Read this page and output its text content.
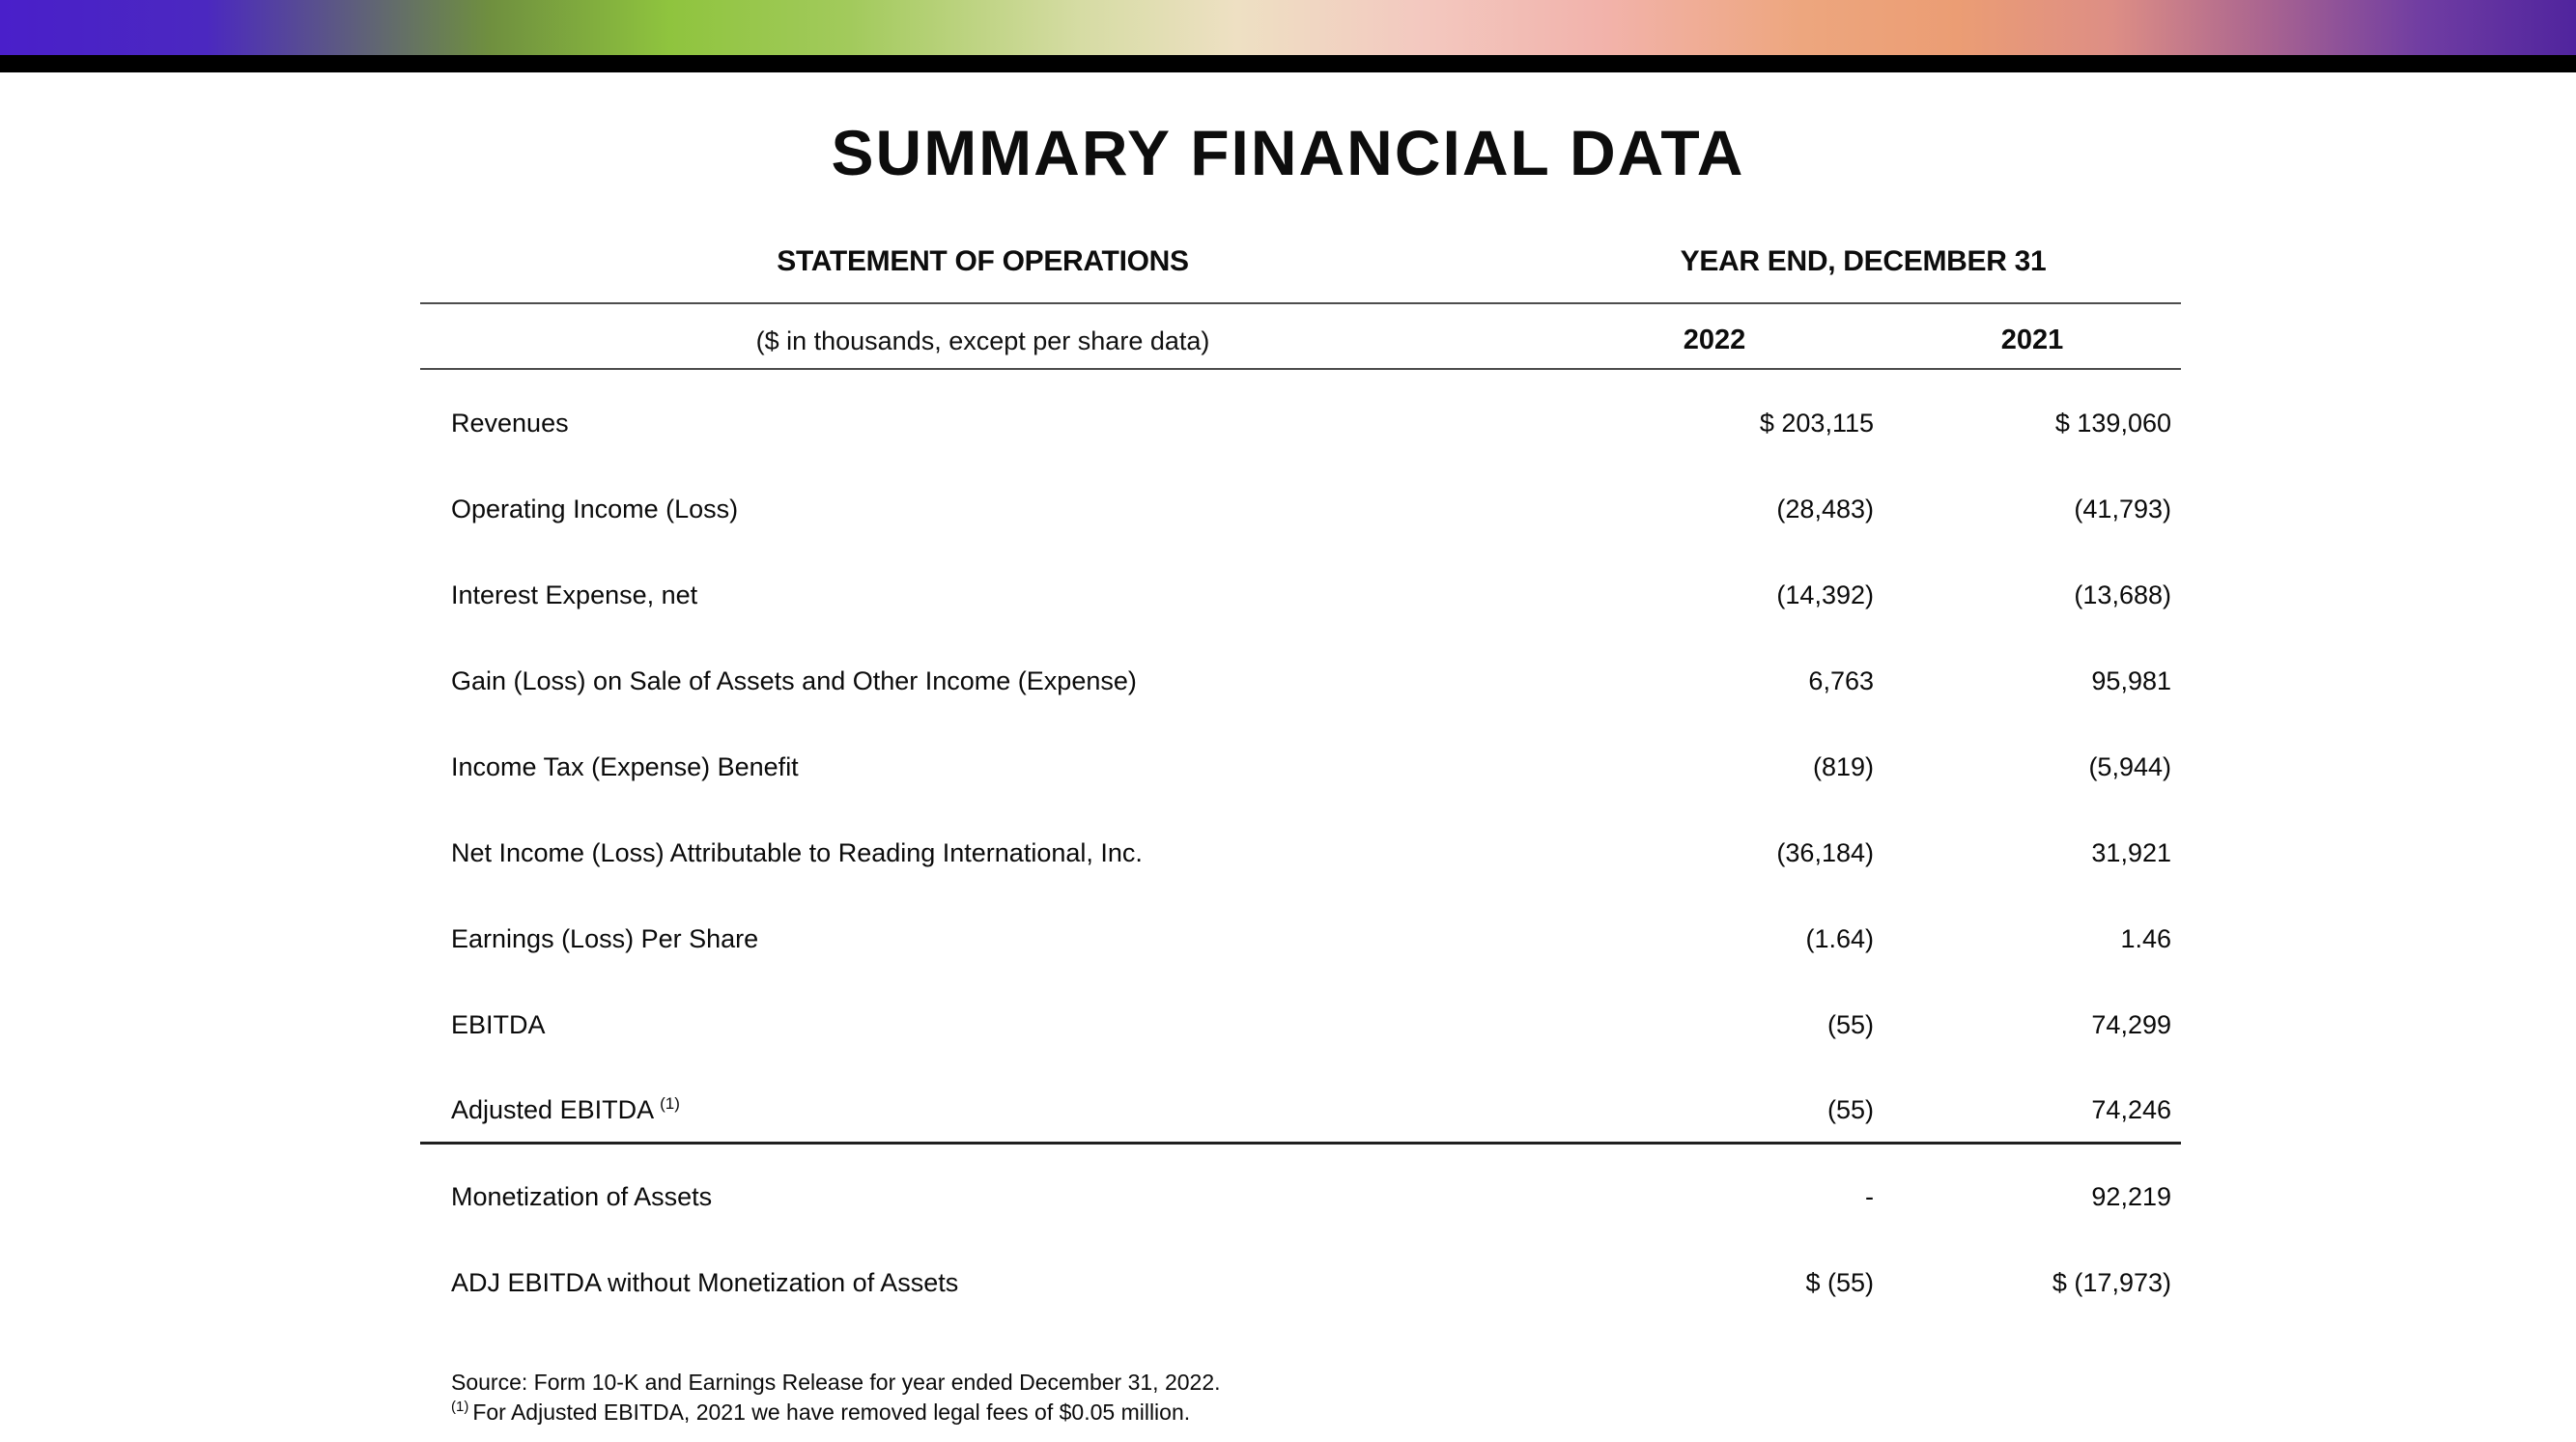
SUMMARY FINANCIAL DATA
STATEMENT OF OPERATIONS	YEAR END, DECEMBER 31	
($ in thousands, except per share data)	2022	2021
Revenues	$ 203,115	$ 139,060
Operating Income (Loss)	(28,483)	(41,793)
Interest Expense, net	(14,392)	(13,688)
Gain (Loss) on Sale of Assets and Other Income (Expense)	6,763	95,981
Income Tax (Expense) Benefit	(819)	(5,944)
Net Income (Loss) Attributable to Reading International, Inc.	(36,184)	31,921
Earnings (Loss) Per Share	(1.64)	1.46
EBITDA	(55)	74,299
Adjusted EBITDA $^{(1)}$	(55)	74,246
Monetization of Assets	-	92,219
ADJ EBITDA without Monetization of Assets	$ (55)	$ (17,973)
Source: Form 10-K and Earnings Release for year ended December 31, 2022.
$^{(1)}$ For Adjusted EBITDA, 2021 we have removed legal fees of $0.05 million.
